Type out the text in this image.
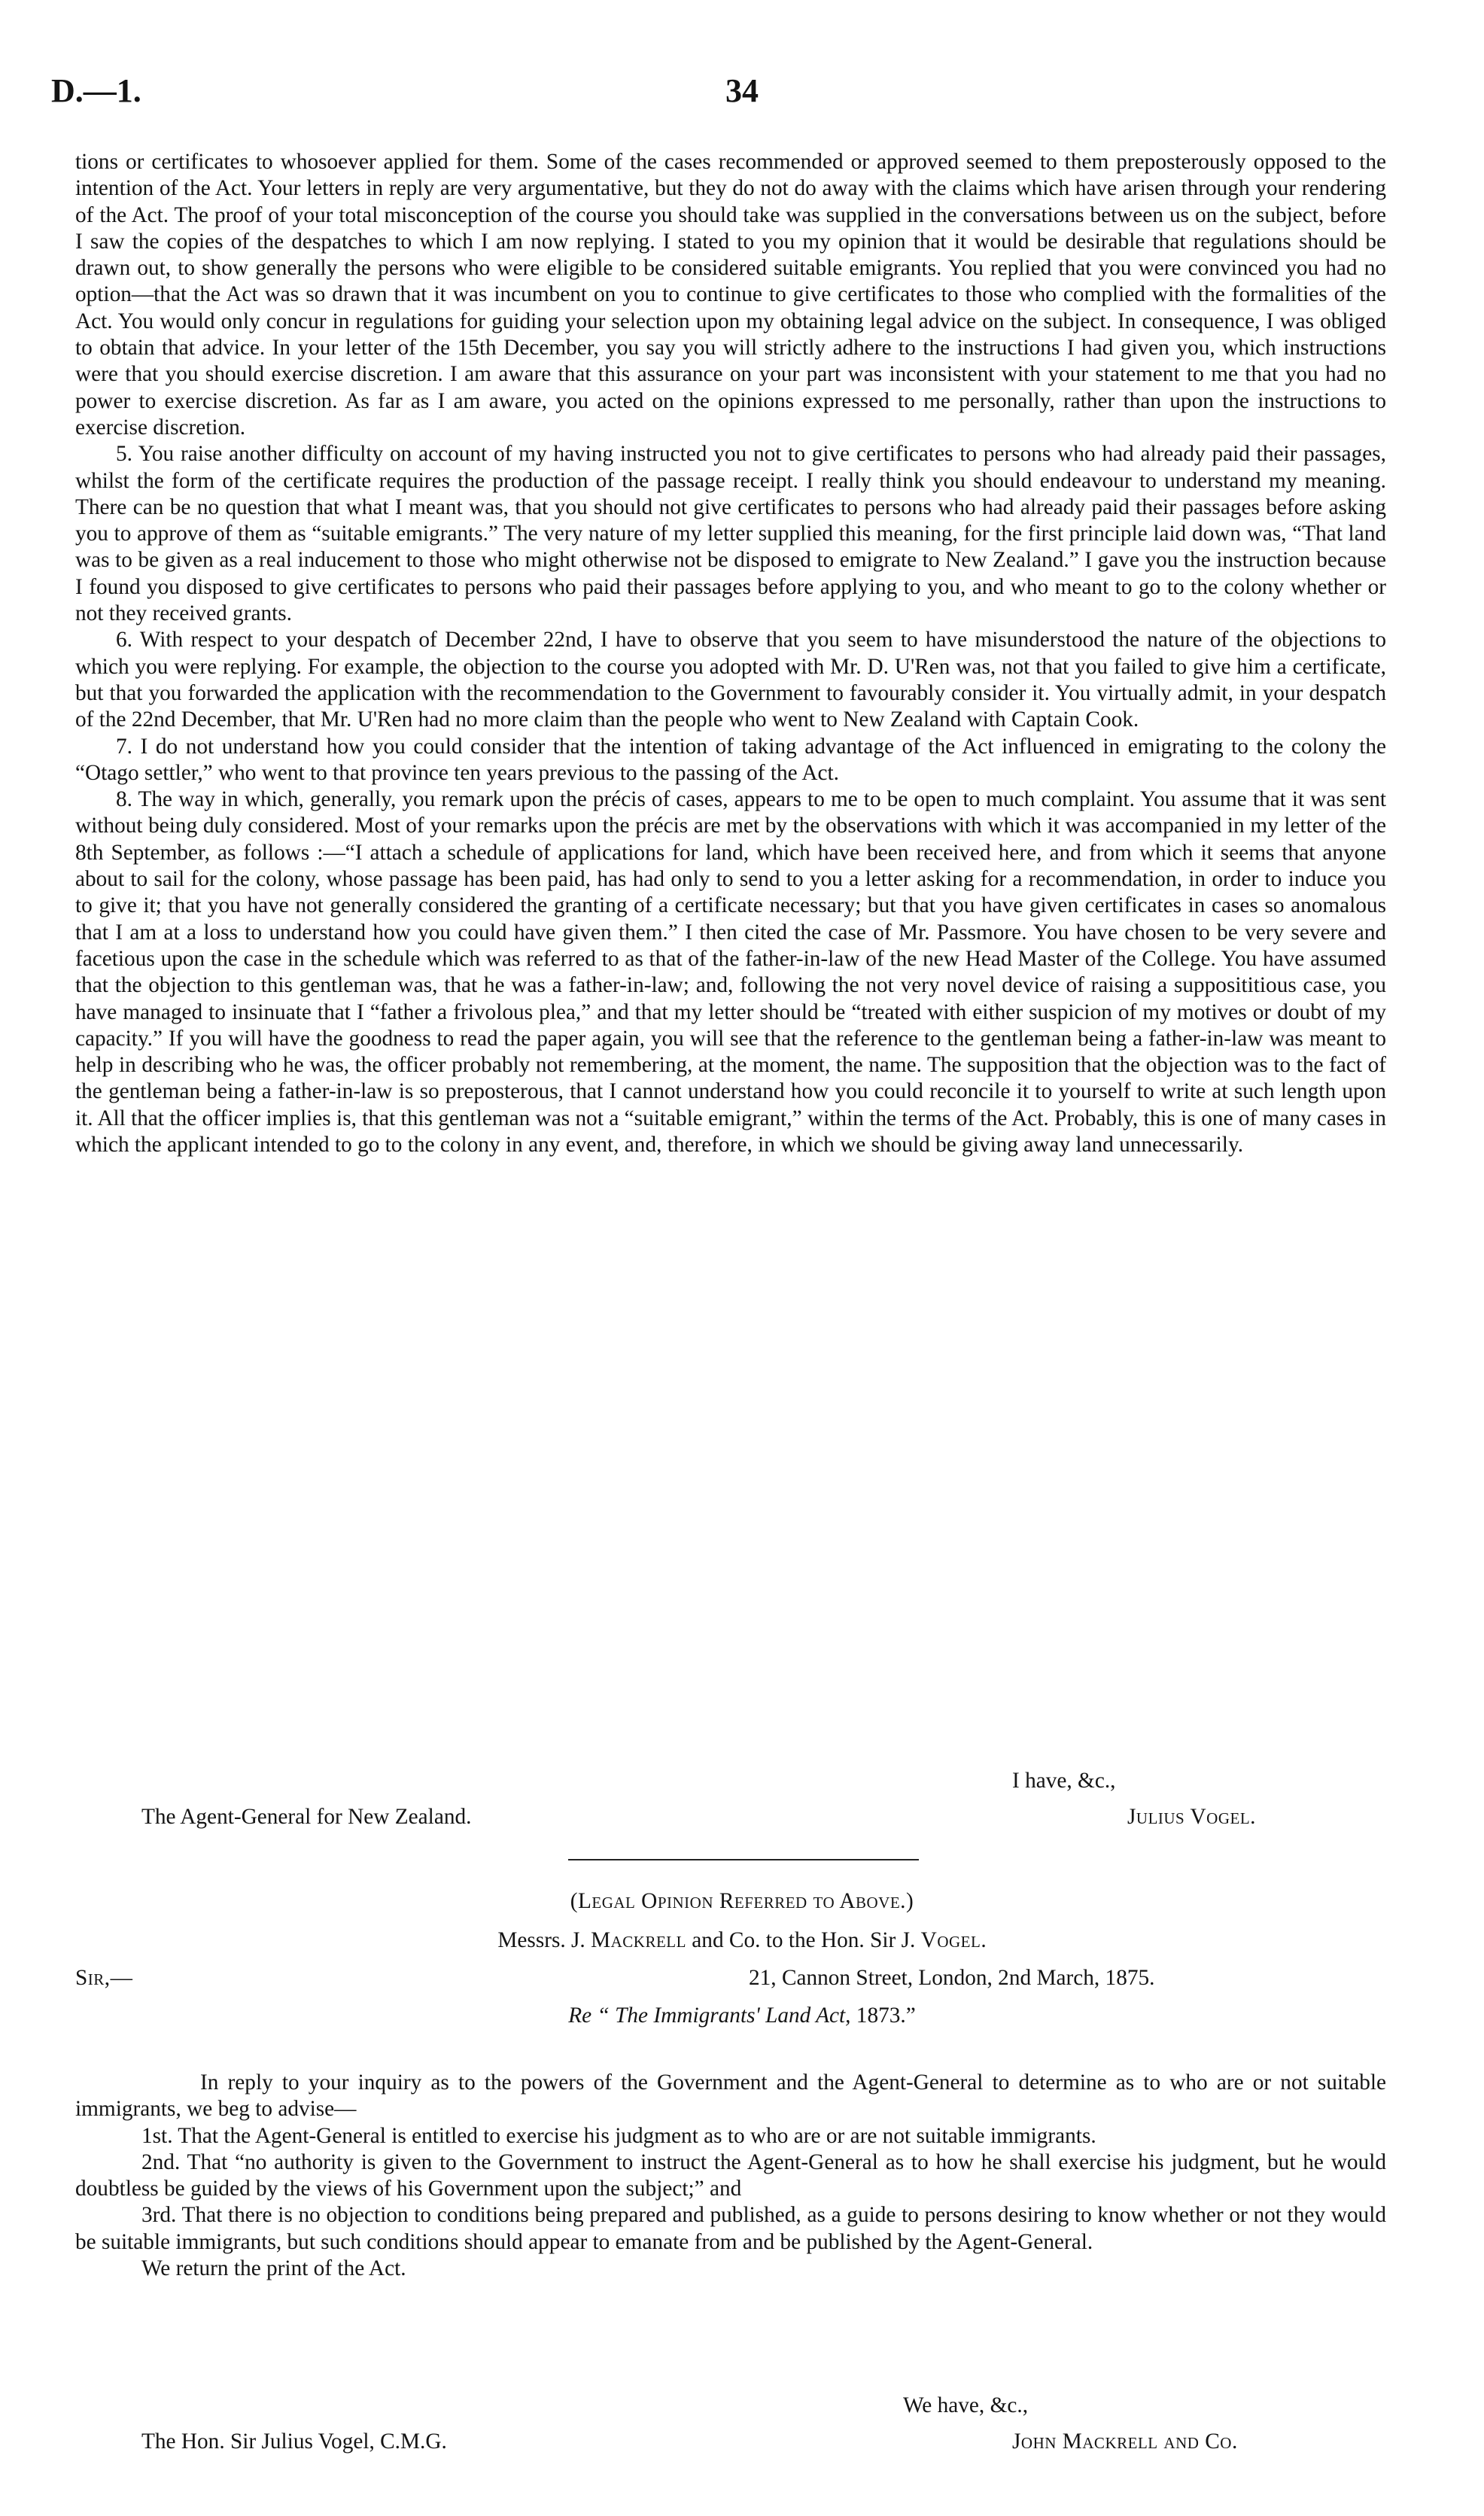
D.—1.	34

tions or certificates to whosoever applied for them. Some of the cases recommended or approved seemed to them preposterously opposed to the intention of the Act. Your letters in reply are very argumentative, but they do not do away with the claims which have arisen through your rendering of the Act. The proof of your total misconception of the course you should take was supplied in the conversations between us on the subject, before I saw the copies of the despatches to which I am now replying. I stated to you my opinion that it would be desirable that regulations should be drawn out, to show generally the persons who were eligible to be considered suitable emigrants. You replied that you were convinced you had no option—that the Act was so drawn that it was incumbent on you to continue to give certificates to those who complied with the formalities of the Act. You would only concur in regulations for guiding your selection upon my obtaining legal advice on the subject. In consequence, I was obliged to obtain that advice. In your letter of the 15th December, you say you will strictly adhere to the instructions I had given you, which instructions were that you should exercise discretion. I am aware that this assurance on your part was inconsistent with your statement to me that you had no power to exercise discretion. As far as I am aware, you acted on the opinions expressed to me personally, rather than upon the instructions to exercise discretion.

5. You raise another difficulty on account of my having instructed you not to give certificates to persons who had already paid their passages, whilst the form of the certificate requires the production of the passage receipt. I really think you should endeavour to understand my meaning. There can be no question that what I meant was, that you should not give certificates to persons who had already paid their passages before asking you to approve of them as “suitable emigrants.” The very nature of my letter supplied this meaning, for the first principle laid down was, “That land was to be given as a real inducement to those who might otherwise not be disposed to emigrate to New Zealand.” I gave you the instruction because I found you disposed to give certificates to persons who paid their passages before applying to you, and who meant to go to the colony whether or not they received grants.

6. With respect to your despatch of December 22nd, I have to observe that you seem to have misunderstood the nature of the objections to which you were replying. For example, the objection to the course you adopted with Mr. D. U'Ren was, not that you failed to give him a certificate, but that you forwarded the application with the recommendation to the Government to favourably consider it. You virtually admit, in your despatch of the 22nd December, that Mr. U'Ren had no more claim than the people who went to New Zealand with Captain Cook.

7. I do not understand how you could consider that the intention of taking advantage of the Act influenced in emigrating to the colony the “Otago settler,” who went to that province ten years previous to the passing of the Act.

8. The way in which, generally, you remark upon the précis of cases, appears to me to be open to much complaint. You assume that it was sent without being duly considered. Most of your remarks upon the précis are met by the observations with which it was accompanied in my letter of the 8th September, as follows :—“I attach a schedule of applications for land, which have been received here, and from which it seems that anyone about to sail for the colony, whose passage has been paid, has had only to send to you a letter asking for a recommendation, in order to induce you to give it; that you have not generally considered the granting of a certificate necessary; but that you have given certificates in cases so anomalous that I am at a loss to understand how you could have given them.” I then cited the case of Mr. Passmore. You have chosen to be very severe and facetious upon the case in the schedule which was referred to as that of the father-in-law of the new Head Master of the College. You have assumed that the objection to this gentleman was, that he was a father-in-law; and, following the not very novel device of raising a supposititious case, you have managed to insinuate that I “father a frivolous plea,” and that my letter should be “treated with either suspicion of my motives or doubt of my capacity.” If you will have the goodness to read the paper again, you will see that the reference to the gentleman being a father-in-law was meant to help in describing who he was, the officer probably not remembering, at the moment, the name. The supposition that the objection was to the fact of the gentleman being a father-in-law is so preposterous, that I cannot understand how you could reconcile it to yourself to write at such length upon it. All that the officer implies is, that this gentleman was not a “suitable emigrant,” within the terms of the Act. Probably, this is one of many cases in which the applicant intended to go to the colony in any event, and, therefore, in which we should be giving away land unnecessarily.

I have, &c.,
The Agent-General for New Zealand.	Julius Vogel.
(Legal Opinion Referred to Above.)
Messrs. J. Mackrell and Co. to the Hon. Sir J. Vogel.
Sir,—	21, Cannon Street, London, 2nd March, 1875.
Re “ The Immigrants' Land Act, 1873.”

In reply to your inquiry as to the powers of the Government and the Agent-General to determine as to who are or not suitable immigrants, we beg to advise—

1st. That the Agent-General is entitled to exercise his judgment as to who are or are not suitable immigrants.

2nd. That “no authority is given to the Government to instruct the Agent-General as to how he shall exercise his judgment, but he would doubtless be guided by the views of his Government upon the subject;” and

3rd. That there is no objection to conditions being prepared and published, as a guide to persons desiring to know whether or not they would be suitable immigrants, but such conditions should appear to emanate from and be published by the Agent-General.

We return the print of the Act.

We have, &c.,
The Hon. Sir Julius Vogel, C.M.G.	John Mackrell and Co.
